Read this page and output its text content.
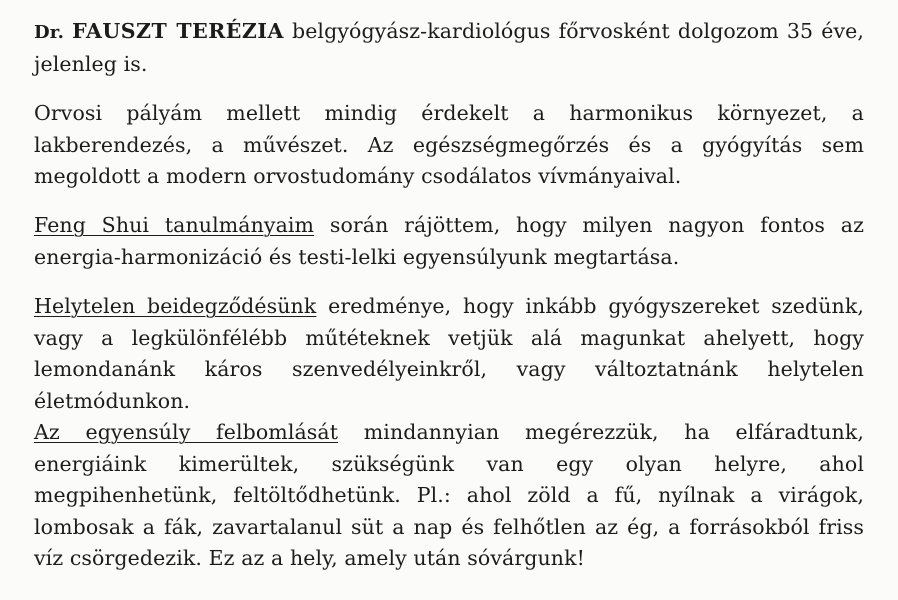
Dr. FAUSZT TERÉZIA belgyógyász-kardiológus főrvosként dolgozom 35 éve, jelenleg is.

Orvosi pályám mellett mindig érdekelt a harmonikus környezet, a lakberendezés, a művészet. Az egészségmegőrzés és a gyógyítás sem megoldott a modern orvostudomány csodálatos vívmányaival.

Feng Shui tanulmányaim során rájöttem, hogy milyen nagyon fontos az energia-harmonizáció és testi-lelki egyensúlyunk megtartása.

Helytelen beidegződésünk eredménye, hogy inkább gyógyszereket szedünk, vagy a legkülönfélébb műtéteknek vetjük alá magunkat ahelyett, hogy lemondanánk káros szenvedélyeinkről, vagy változtatnánk helytelen életmódunkon.

Az egyensúly felbomlását mindannyian megérezzük, ha elfáradtunk, energiáink kimerültek, szükségünk van egy olyan helyre, ahol megpihenhetünk, feltöltődhetünk. Pl.: ahol zöld a fű, nyílnak a virágok, lombosak a fák, zavartalanul süt a nap és felhőtlen az ég, a forrásokból friss víz csörgedezik. Ez az a hely, amely után sóvárgunk!
